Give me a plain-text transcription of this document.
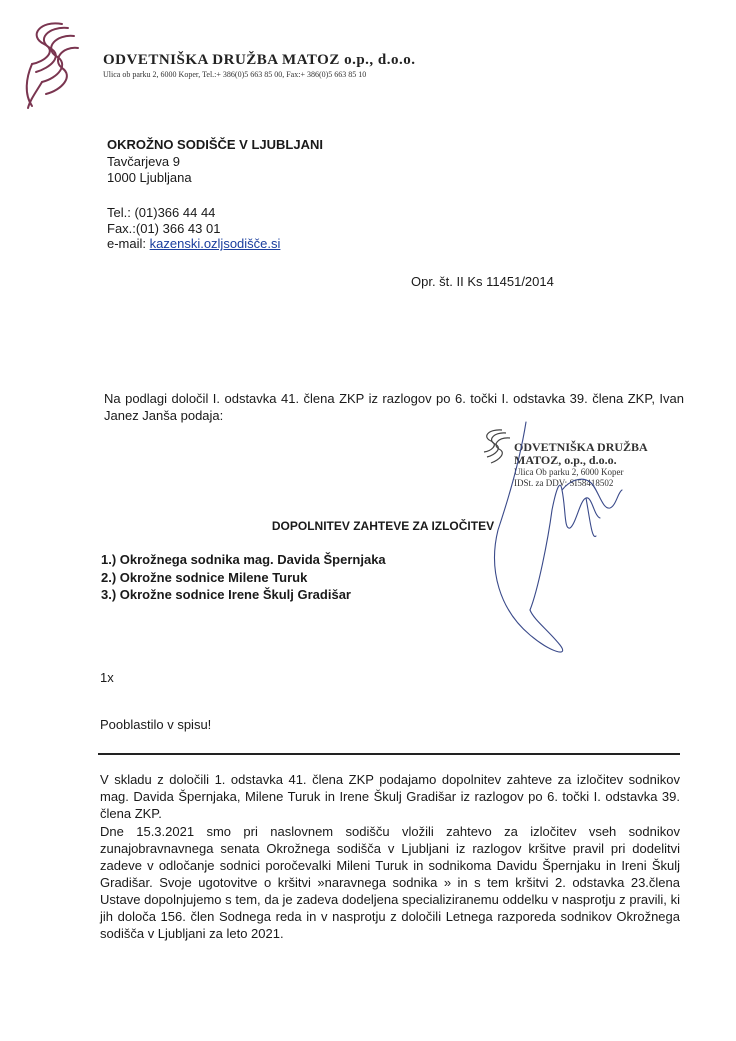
ODVETNIŠKA DRUŽBA MATOZ o.p., d.o.o.
Ulica ob parku 2, 6000 Koper, Tel.:+ 386(0)5 663 85 00, Fax:+ 386(0)5 663 85 10
OKROŽNO SODIŠČE V LJUBLJANI
Tavčarjeva 9
1000 Ljubljana
Tel.: (01)366 44 44
Fax.:(01) 366 43 01
e-mail: kazenski.ozljsodišče.si
Opr. št. II Ks 11451/2014
Na podlagi določil I. odstavka 41. člena ZKP iz razlogov po 6. točki I. odstavka 39. člena ZKP, Ivan Janez Janša podaja:
ODVETNIŠKA DRUŽBA
MATOZ, o.p., d.o.o.
Ulica Ob parku 2, 6000 Koper
IDSt. za DDV: SI58418502
DOPOLNITEV ZAHTEVE ZA IZLOČITEV
1.) Okrožnega sodnika mag. Davida Špernjaka
2.) Okrožne sodnice Milene Turuk
3.) Okrožne sodnice Irene Škulj Gradišar
1x
Pooblastilo v spisu!
V skladu z določili 1. odstavka 41. člena ZKP podajamo dopolnitev zahteve za izločitev sodnikov mag. Davida Špernjaka, Milene Turuk in Irene Škulj Gradišar iz razlogov po 6. točki I. odstavka 39. člena ZKP.
Dne 15.3.2021 smo pri naslovnem sodišču vložili zahtevo za izločitev vseh sodnikov zunajobravnavnega senata Okrožnega sodišča v Ljubljani iz razlogov kršitve pravil pri dodelitvi zadeve v odločanje sodnici poročevalki Mileni Turuk in sodnikoma Davidu Špernjaku in Ireni Škulj Gradišar. Svoje ugotovitve o kršitvi »naravnega sodnika » in s tem kršitvi 2. odstavka 23.člena Ustave dopolnjujemo s tem, da je zadeva dodeljena specializiranemu oddelku v nasprotju z pravili, ki jih določa 156. člen Sodnega reda in v nasprotju z določili Letnega razporeda sodnikov Okrožnega sodišča v Ljubljani za leto 2021.
